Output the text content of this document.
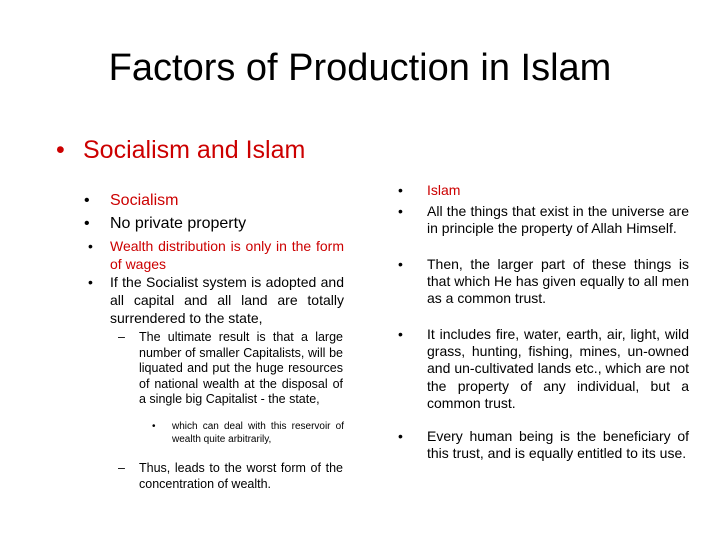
Factors of Production in Islam
• Socialism and Islam
• Socialism
• No private property
• Wealth distribution is only in the form of wages
• If the Socialist system is adopted and all capital and all land are totally surrendered to the state,
– The ultimate result is that a large number of smaller Capitalists, will be liquated and put the huge resources of national wealth at the disposal of a single big Capitalist - the state,
• which can deal with this reservoir of wealth quite arbitrarily,
– Thus, leads to the worst form of the concentration of wealth.
• Islam
• All the things that exist in the universe are in principle the property of Allah Himself.
• Then, the larger part of these things is that which He has given equally to all men as a common trust.
• It includes fire, water, earth, air, light, wild grass, hunting, fishing, mines, un-owned and un-cultivated lands etc., which are not the property of any individual, but a common trust.
• Every human being is the beneficiary of this trust, and is equally entitled to its use.
